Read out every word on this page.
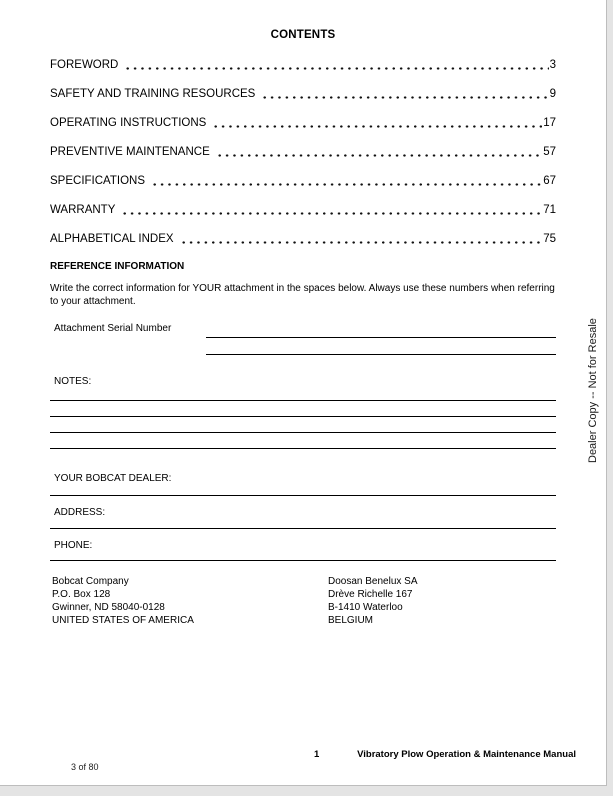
CONTENTS
FOREWORD	3
SAFETY AND TRAINING RESOURCES	9
OPERATING INSTRUCTIONS	17
PREVENTIVE MAINTENANCE	57
SPECIFICATIONS	67
WARRANTY	71
ALPHABETICAL INDEX	75
REFERENCE INFORMATION

Write the correct information for YOUR attachment in the spaces below. Always use these numbers when referring to your attachment.

Attachment Serial Number
NOTES:
YOUR BOBCAT DEALER:
ADDRESS:
PHONE:
Bobcat Company
P.O. Box 128
Gwinner, ND 58040-0128
UNITED STATES OF AMERICA
Doosan Benelux SA
Drève Richelle 167
B-1410 Waterloo
BELGIUM
Dealer Copy -- Not for Resale
1	Vibratory Plow Operation & Maintenance Manual
3 of 80
